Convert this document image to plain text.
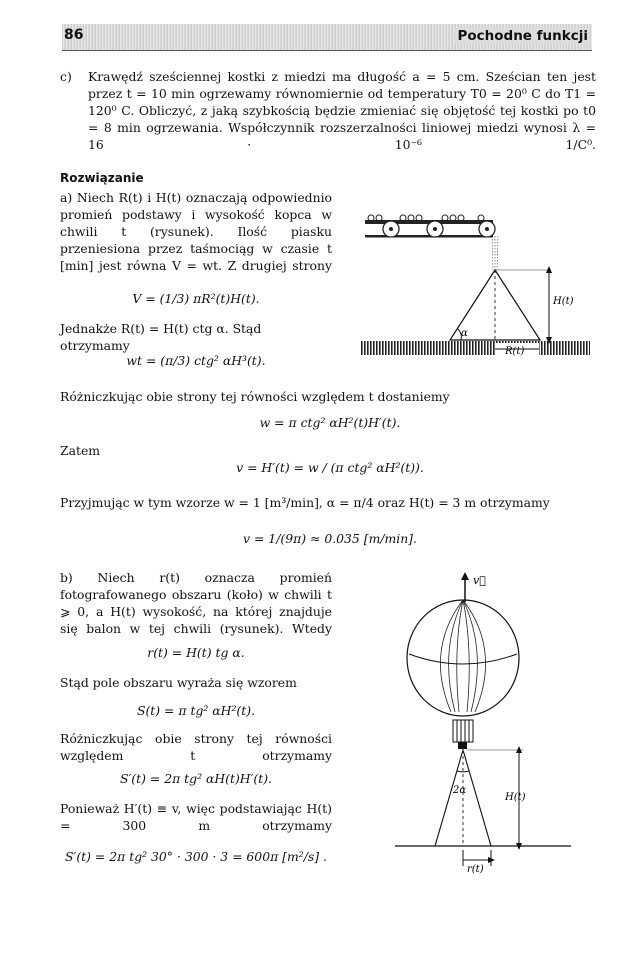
86	Pochodne funkcji
c)	Krawędź sześciennej kostki z miedzi ma długość a = 5 cm. Sześcian ten jest przez t = 10 min ogrzewamy równomiernie od temperatury T0 = 20⁰ C do T1 = 120⁰ C. Obliczyć, z jaką szybkością będzie zmieniać się objętość tej kostki po t0 = 8 min ogrzewania. Współczynnik rozszerzalności liniowej miedzi wynosi λ = 16 · 10⁻⁶ 1/C⁰.
Rozwiązanie
a) Niech R(t) i H(t) oznaczają odpowiednio promień podstawy i wysokość kopca w chwili t (rysunek). Ilość piasku przeniesiona przez taśmociąg w czasie t [min] jest równa V = wt. Z drugiej strony
V = (1/3) πR²(t)H(t).
Jednakże R(t) = H(t) ctg α. Stąd otrzymamy
wt = (π/3) ctg² αH³(t).
H(t)
α
R(t)
Różniczkując obie strony tej równości względem t dostaniemy
w = π ctg² αH²(t)H′(t).
Zatem
v = H′(t) = w / (π ctg² αH²(t)).
Przyjmując w tym wzorze w = 1 [m³/min], α = π/4 oraz H(t) = 3 m otrzymamy
v = 1/(9π) ≈ 0.035 [m/min].
b) Niech r(t) oznacza promień fotografowanego obszaru (koło) w chwili t ⩾ 0, a H(t) wysokość, na której znajduje się balon w tej chwili (rysunek). Wtedy
r(t) = H(t) tg α.
Stąd pole obszaru wyraża się wzorem
S(t) = π tg² αH²(t).
Różniczkując obie strony tej równości względem t otrzymamy
S′(t) = 2π tg² αH(t)H′(t).
Ponieważ H′(t) ≡ v, więc podstawiając H(t) = 300 m otrzymamy
S′(t) = 2π tg² 30° · 300 · 3 = 600π [m²/s] .
v⃗
2α
H(t)
r(t)
